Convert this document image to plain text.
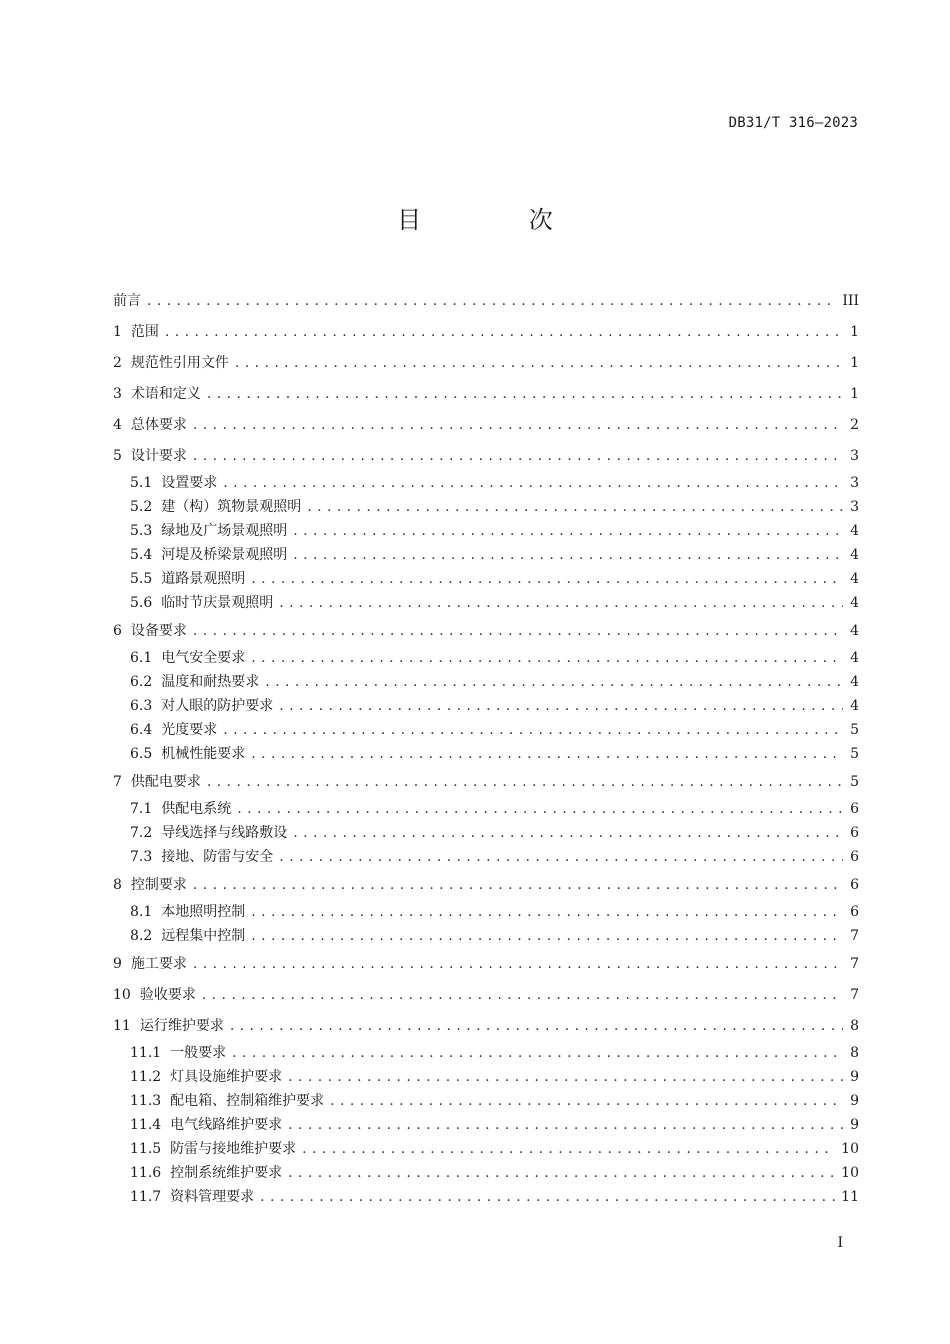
DB31/T 316—2023
目 次
前言 .....	III
1 范围 .....	1
2 规范性引用文件 .....	1
3 术语和定义 .....	1
4 总体要求 .....	2
5 设计要求 .....	3
5.1 设置要求 .....	3
5.2 建（构）筑物景观照明 .....	3
5.3 绿地及广场景观照明 .....	4
5.4 河堤及桥梁景观照明 .....	4
5.5 道路景观照明 .....	4
5.6 临时节庆景观照明 .....	4
6 设备要求 .....	4
6.1 电气安全要求 .....	4
6.2 温度和耐热要求 .....	4
6.3 对人眼的防护要求 .....	4
6.4 光度要求 .....	5
6.5 机械性能要求 .....	5
7 供配电要求 .....	5
7.1 供配电系统 .....	6
7.2 导线选择与线路敷设 .....	6
7.3 接地、防雷与安全 .....	6
8 控制要求 .....	6
8.1 本地照明控制 .....	6
8.2 远程集中控制 .....	7
9 施工要求 .....	7
10 验收要求 .....	7
11 运行维护要求 .....	8
11.1 一般要求 .....	8
11.2 灯具设施维护要求 .....	9
11.3 配电箱、控制箱维护要求 .....	9
11.4 电气线路维护要求 .....	9
11.5 防雷与接地维护要求 .....	10
11.6 控制系统维护要求 .....	10
11.7 资料管理要求 .....	11
I
